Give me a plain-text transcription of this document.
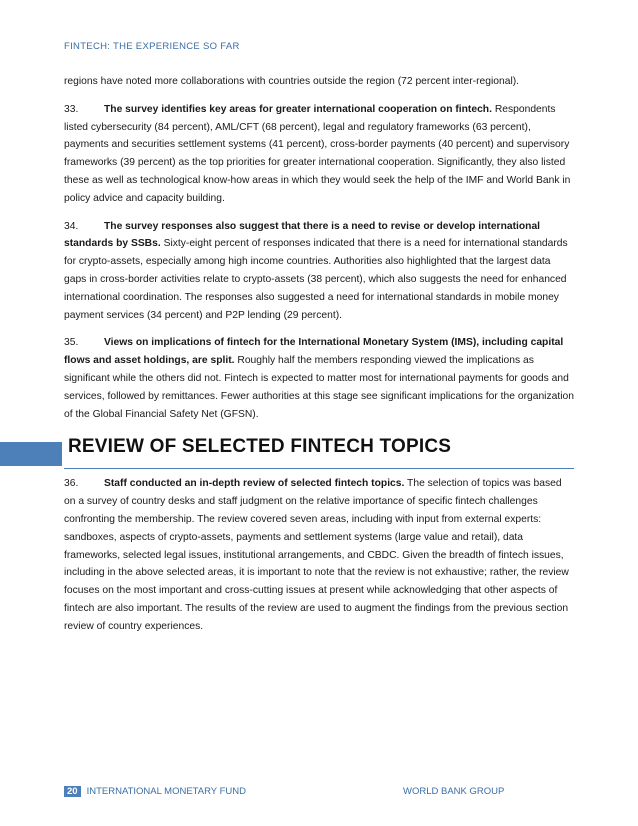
FINTECH: THE EXPERIENCE SO FAR

regions have noted more collaborations with countries outside the region (72 percent inter-regional).

33. The survey identifies key areas for greater international cooperation on fintech. Respondents listed cybersecurity (84 percent), AML/CFT (68 percent), legal and regulatory frameworks (63 percent), payments and securities settlement systems (41 percent), cross-border payments (40 percent) and supervisory frameworks (39 percent) as the top priorities for greater international cooperation. Significantly, they also listed these as well as technological know-how areas in which they would seek the help of the IMF and World Bank in policy advice and capacity building.

34. The survey responses also suggest that there is a need to revise or develop international standards by SSBs. Sixty-eight percent of responses indicated that there is a need for international standards for crypto-assets, especially among high income countries. Authorities also highlighted that the largest data gaps in cross-border activities relate to crypto-assets (38 percent), which also suggests the need for enhanced international coordination. The responses also suggested a need for international standards in mobile money payment services (34 percent) and P2P lending (29 percent).

35. Views on implications of fintech for the International Monetary System (IMS), including capital flows and asset holdings, are split. Roughly half the members responding viewed the implications as significant while the others did not. Fintech is expected to matter most for international payments for goods and services, followed by remittances. Fewer authorities at this stage see significant implications for the organization of the Global Financial Safety Net (GFSN).

REVIEW OF SELECTED FINTECH TOPICS

36. Staff conducted an in-depth review of selected fintech topics. The selection of topics was based on a survey of country desks and staff judgment on the relative importance of specific fintech challenges confronting the membership. The review covered seven areas, including with input from external experts: sandboxes, aspects of crypto-assets, payments and settlement systems (large value and retail), data frameworks, selected legal issues, institutional arrangements, and CBDC. Given the breadth of fintech issues, including in the above selected areas, it is important to note that the review is not exhaustive; rather, the review focuses on the most important and cross-cutting issues at present while acknowledging that other aspects of fintech are also important. The results of the review are used to augment the findings from the previous section review of country experiences.

20 INTERNATIONAL MONETARY FUND	WORLD BANK GROUP
